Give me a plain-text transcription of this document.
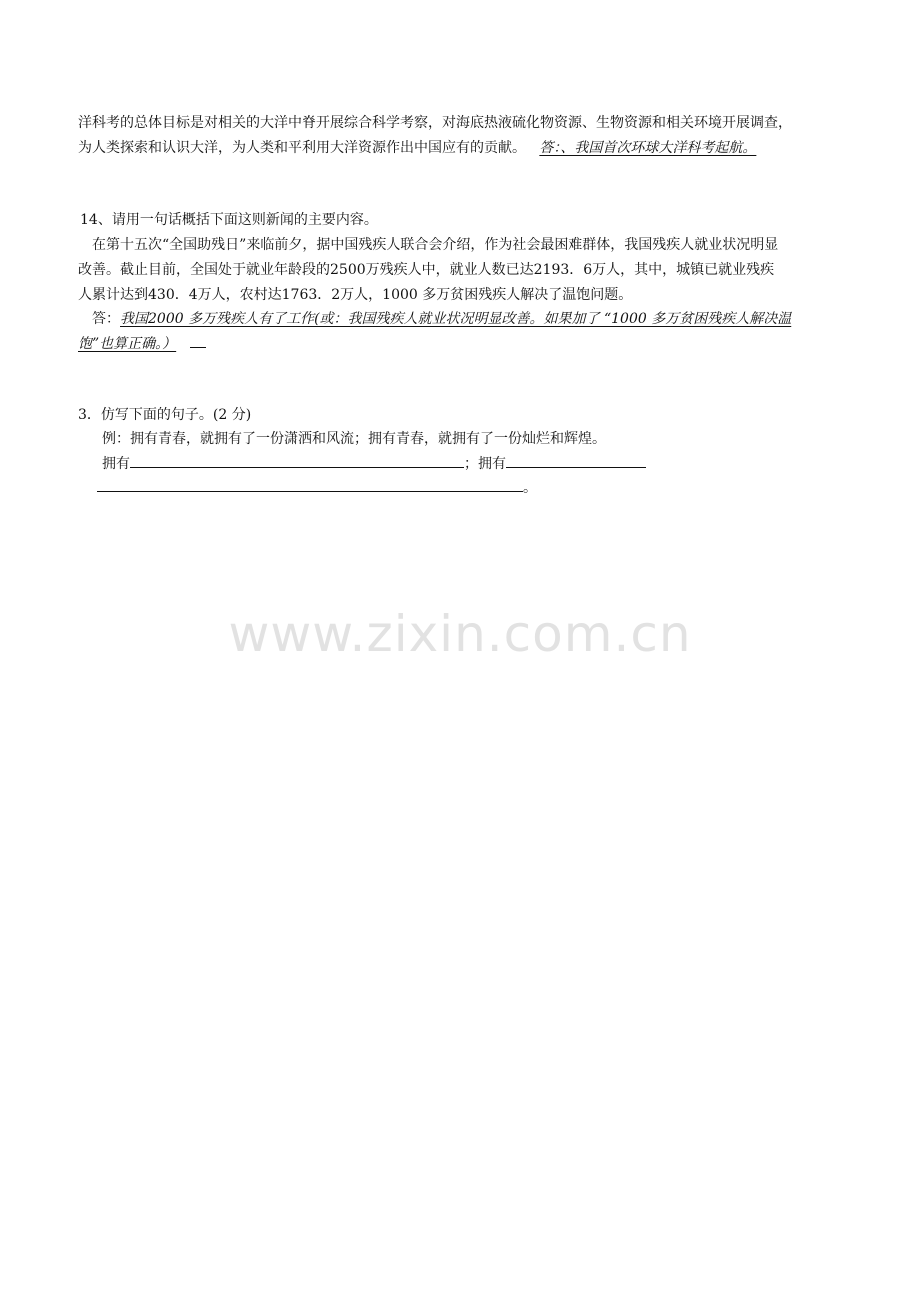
洋科考的总体目标是对相关的大洋中脊开展综合科学考察，对海底热液硫化物资源、生物资源和相关环境开展调查，
为人类探索和认识大洋，为人类和平利用大洋资源作出中国应有的贡献。 答：、我国首次环球大洋科考起航。
14、请用一句话概括下面这则新闻的主要内容。
在第十五次“全国助残日”来临前夕，据中国残疾人联合会介绍，作为社会最困难群体，我国残疾人就业状况明显
改善。截止目前，全国处于就业年龄段的2500万残疾人中，就业人数已达2193．6万人，其中，城镇已就业残疾
人累计达到430．4万人，农村达1763．2万人，1000 多万贫困残疾人解决了温饱问题。
答：我国2000 多万残疾人有了工作(或：我国残疾人就业状况明显改善。如果加了 “1000 多万贫困残疾人解决温
饱”也算正确。）
3．仿写下面的句子。(2 分)
例：拥有青春，就拥有了一份潇洒和风流；拥有青春，就拥有了一份灿烂和辉煌。
拥有	；拥有
。
www.zixin.com.cn
